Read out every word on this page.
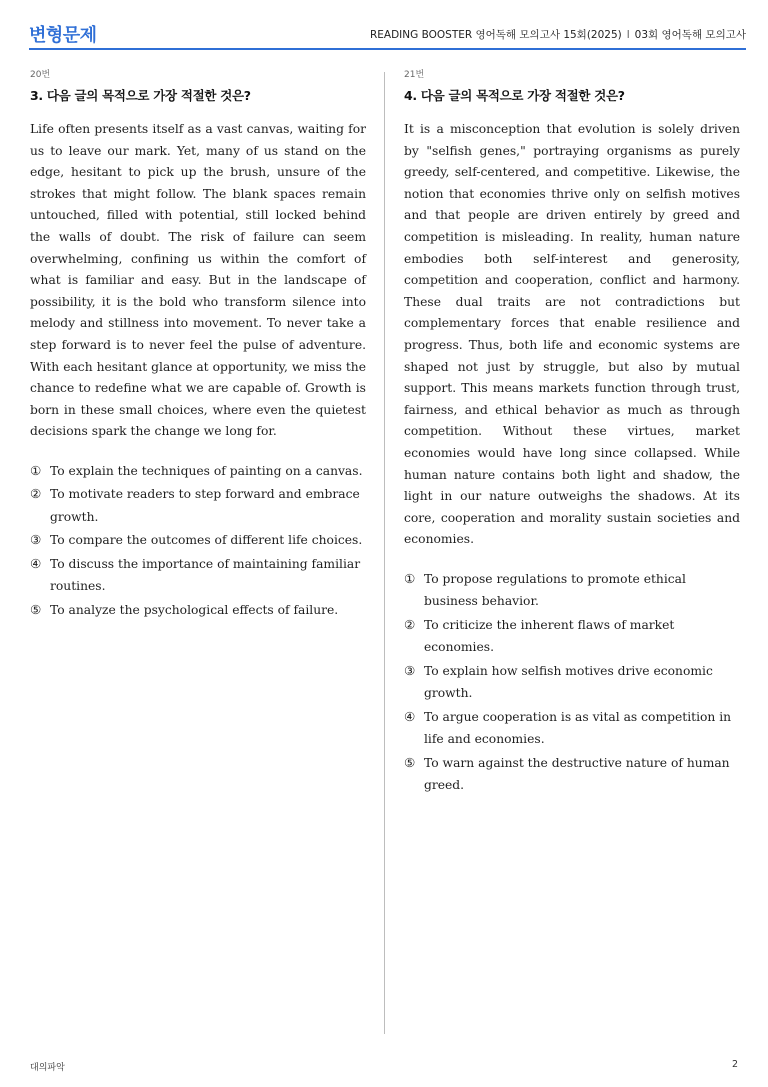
변형문제	READING BOOSTER 영어독해 모의고사 15회(2025) l 03회 영어독해 모의고사
20번
3. 다음 글의 목적으로 가장 적절한 것은?

Life often presents itself as a vast canvas, waiting for us to leave our mark. Yet, many of us stand on the edge, hesitant to pick up the brush, unsure of the strokes that might follow. The blank spaces remain untouched, filled with potential, still locked behind the walls of doubt. The risk of failure can seem overwhelming, confining us within the comfort of what is familiar and easy. But in the landscape of possibility, it is the bold who transform silence into melody and stillness into movement. To never take a step forward is to never feel the pulse of adventure. With each hesitant glance at opportunity, we miss the chance to redefine what we are capable of. Growth is born in these small choices, where even the quietest decisions spark the change we long for.

① To explain the techniques of painting on a canvas.
② To motivate readers to step forward and embrace growth.
③ To compare the outcomes of different life choices.
④ To discuss the importance of maintaining familiar routines.
⑤ To analyze the psychological effects of failure.
21번
4. 다음 글의 목적으로 가장 적절한 것은?

It is a misconception that evolution is solely driven by "selfish genes," portraying organisms as purely greedy, self-centered, and competitive. Likewise, the notion that economies thrive only on selfish motives and that people are driven entirely by greed and competition is misleading. In reality, human nature embodies both self-interest and generosity, competition and cooperation, conflict and harmony. These dual traits are not contradictions but complementary forces that enable resilience and progress. Thus, both life and economic systems are shaped not just by struggle, but also by mutual support. This means markets function through trust, fairness, and ethical behavior as much as through competition. Without these virtues, market economies would have long since collapsed. While human nature contains both light and shadow, the light in our nature outweighs the shadows. At its core, cooperation and morality sustain societies and economies.

① To propose regulations to promote ethical business behavior.
② To criticize the inherent flaws of market economies.
③ To explain how selfish motives drive economic growth.
④ To argue cooperation is as vital as competition in life and economies.
⑤ To warn against the destructive nature of human greed.
대의파악	2
